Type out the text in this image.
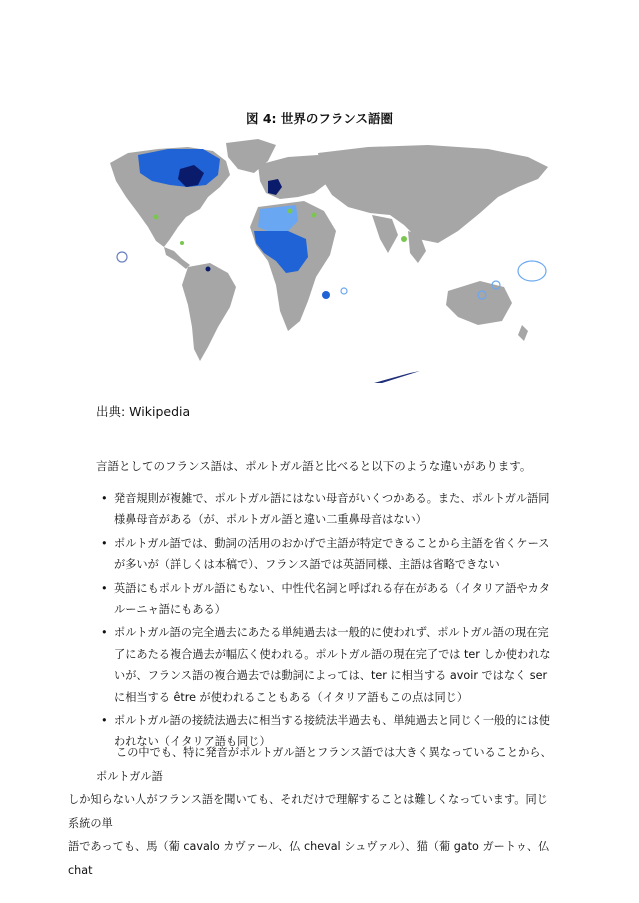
図 4: 世界のフランス語圏
出典: Wikipedia
言語としてのフランス語は、ポルトガル語と比べると以下のような違いがあります。
• 発音規則が複雑で、ポルトガル語にはない母音がいくつかある。また、ポルトガル語同様鼻母音がある（が、ポルトガル語と違い二重鼻母音はない）
• ポルトガル語では、動詞の活用のおかげで主語が特定できることから主語を省くケースが多いが（詳しくは本稿で）、フランス語では英語同様、主語は省略できない
• 英語にもポルトガル語にもない、中性代名詞と呼ばれる存在がある（イタリア語やカタルーニャ語にもある）
• ポルトガル語の完全過去にあたる単純過去は一般的に使われず、ポルトガル語の現在完了にあたる複合過去が幅広く使われる。ポルトガル語の現在完了では ter しか使われないが、フランス語の複合過去では動詞によっては、ter に相当する avoir ではなく ser に相当する être が使われることもある（イタリア語もこの点は同じ）
• ポルトガル語の接続法過去に相当する接続法半過去も、単純過去と同じく一般的には使われない（イタリア語も同じ）

この中でも、特に発音がポルトガル語とフランス語では大きく異なっていることから、ポルトガル語

しか知らない人がフランス語を聞いても、それだけで理解することは難しくなっています。同じ系統の単

語であっても、馬（葡 cavalo カヴァール、仏 cheval シュヴァル）、猫（葡 gato ガートゥ、仏 chat
